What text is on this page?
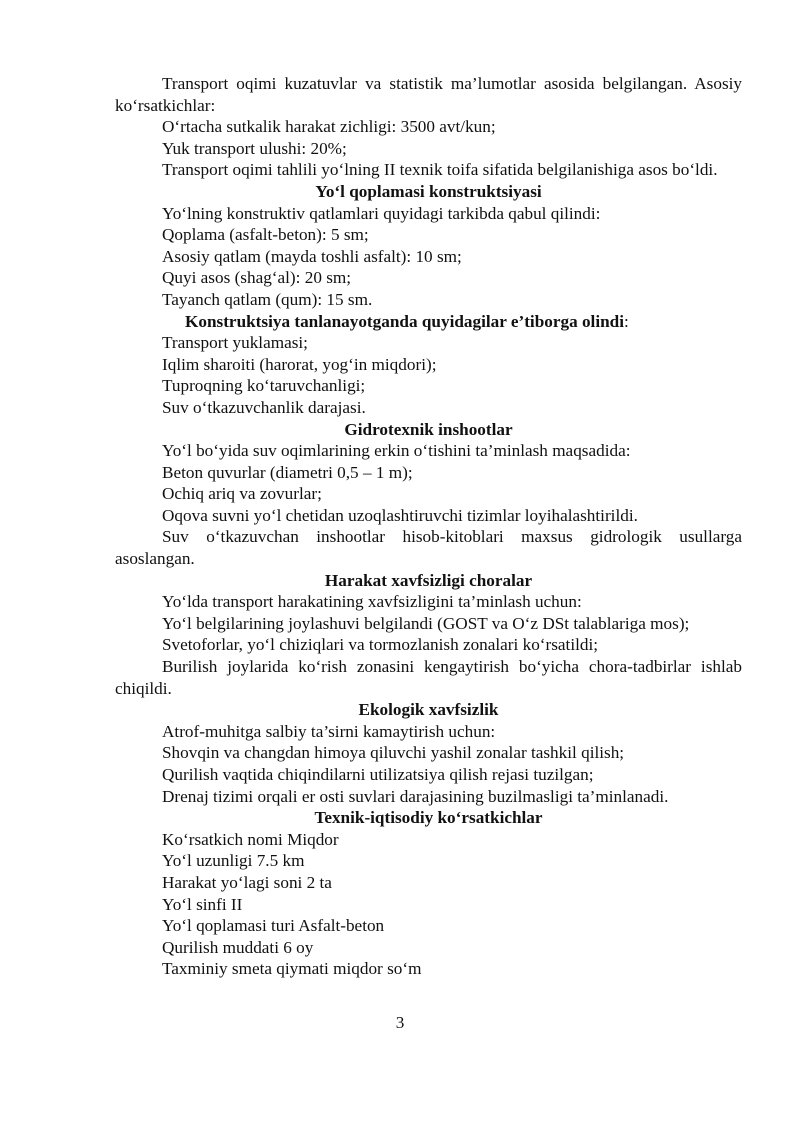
Transport oqimi kuzatuvlar va statistik ma’lumotlar asosida belgilangan. Asosiy ko‘rsatkichlar:

O‘rtacha sutkalik harakat zichligi: 3500 avt/kun;

Yuk transport ulushi: 20%;

Transport oqimi tahlili yo‘lning II texnik toifa sifatida belgilanishiga asos bo‘ldi.

Yo‘l qoplamasi konstruktsiyasi

Yo‘lning konstruktiv qatlamlari quyidagi tarkibda qabul qilindi:

Qoplama (asfalt-beton): 5 sm;

Asosiy qatlam (mayda toshli asfalt): 10 sm;

Quyi asos (shag‘al): 20 sm;

Tayanch qatlam (qum): 15 sm.

Konstruktsiya tanlanayotganda quyidagilar e’tiborga olindi:

Transport yuklamasi;

Iqlim sharoiti (harorat, yog‘in miqdori);

Tuproqning ko‘taruvchanligi;

Suv o‘tkazuvchanlik darajasi.

Gidrotexnik inshootlar

Yo‘l bo‘yida suv oqimlarining erkin o‘tishini ta’minlash maqsadida:

Beton quvurlar (diametri 0,5 – 1 m);

Ochiq ariq va zovurlar;

Oqova suvni yo‘l chetidan uzoqlashtiruvchi tizimlar loyihalashtirildi.

Suv o‘tkazuvchan inshootlar hisob-kitoblari maxsus gidrologik usullarga asoslangan.

Harakat xavfsizligi choralar

Yo‘lda transport harakatining xavfsizligini ta’minlash uchun:

Yo‘l belgilarining joylashuvi belgilandi (GOST va O‘z DSt talablariga mos);

Svetoforlar, yo‘l chiziqlari va tormozlanish zonalari ko‘rsatildi;

Burilish joylarida ko‘rish zonasini kengaytirish bo‘yicha chora-tadbirlar ishlab chiqildi.

Ekologik xavfsizlik

Atrof-muhitga salbiy ta’sirni kamaytirish uchun:

Shovqin va changdan himoya qiluvchi yashil zonalar tashkil qilish;

Qurilish vaqtida chiqindilarni utilizatsiya qilish rejasi tuzilgan;

Drenaj tizimi orqali er osti suvlari darajasining buzilmasligi ta’minlanadi.

Texnik-iqtisodiy ko‘rsatkichlar

Ko‘rsatkich nomi Miqdor

Yo‘l uzunligi 7.5 km

Harakat yo‘lagi soni 2 ta

Yo‘l sinfi II

Yo‘l qoplamasi turi Asfalt-beton

Qurilish muddati 6 oy

Taxminiy smeta qiymati miqdor so‘m

3
